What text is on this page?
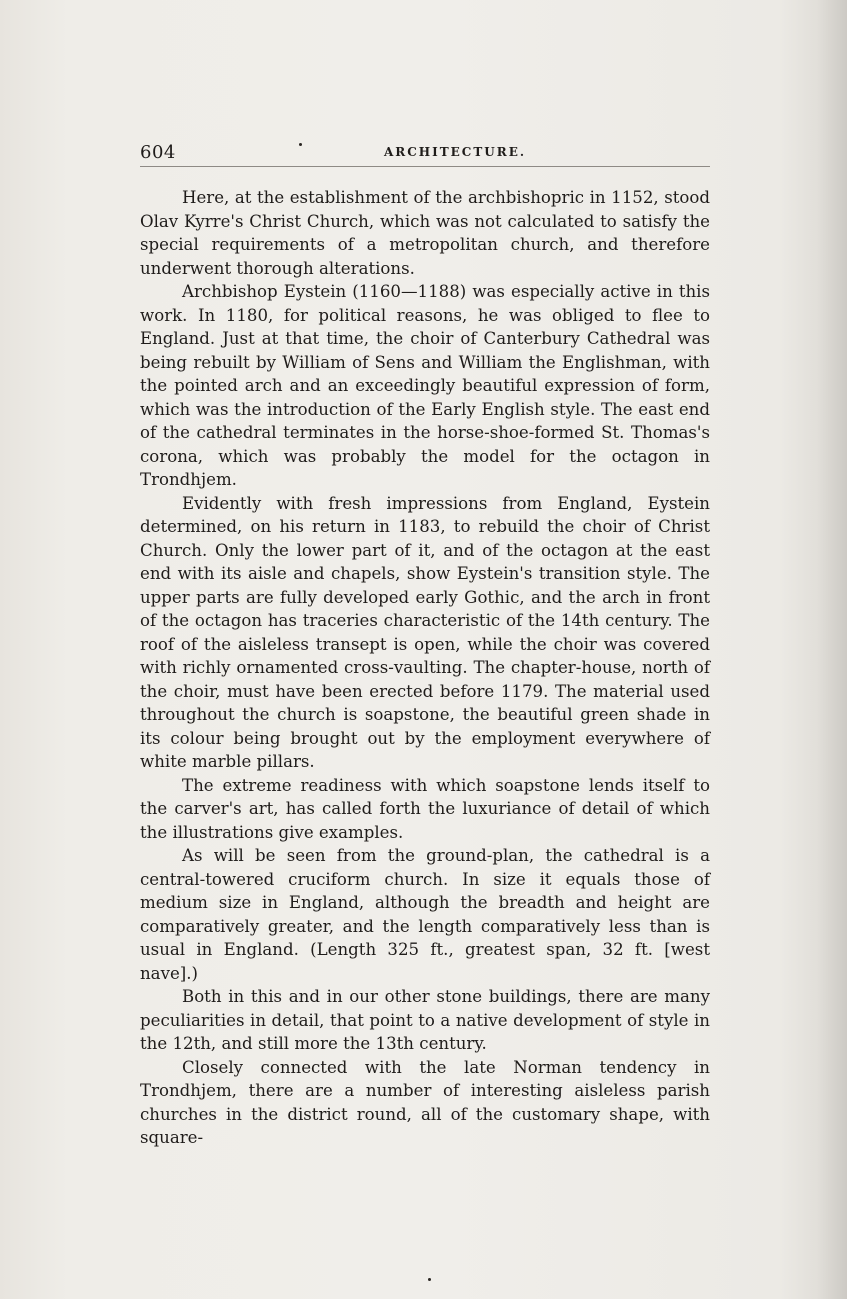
604	ARCHITECTURE.

Here, at the establishment of the archbishopric in 1152, stood Olav Kyrre's Christ Church, which was not calculated to satisfy the special requirements of a metropolitan church, and therefore underwent thorough alterations.

Archbishop Eystein (1160—1188) was especially active in this work. In 1180, for political reasons, he was obliged to flee to England. Just at that time, the choir of Canterbury Cathedral was being rebuilt by William of Sens and William the Englishman, with the pointed arch and an exceedingly beautiful expression of form, which was the introduction of the Early English style. The east end of the cathedral terminates in the horse-shoe-formed St. Thomas's corona, which was probably the model for the octagon in Trondhjem.

Evidently with fresh impressions from England, Eystein determined, on his return in 1183, to rebuild the choir of Christ Church. Only the lower part of it, and of the octagon at the east end with its aisle and chapels, show Eystein's transition style. The upper parts are fully developed early Gothic, and the arch in front of the octagon has traceries characteristic of the 14th century. The roof of the aisleless transept is open, while the choir was covered with richly ornamented cross-vaulting. The chapter-house, north of the choir, must have been erected before 1179. The material used throughout the church is soapstone, the beautiful green shade in its colour being brought out by the employment everywhere of white marble pillars.

The extreme readiness with which soapstone lends itself to the carver's art, has called forth the luxuriance of detail of which the illustrations give examples.

As will be seen from the ground-plan, the cathedral is a central-towered cruciform church. In size it equals those of medium size in England, although the breadth and height are comparatively greater, and the length comparatively less than is usual in England. (Length 325 ft., greatest span, 32 ft. [west nave].)

Both in this and in our other stone buildings, there are many peculiarities in detail, that point to a native development of style in the 12th, and still more the 13th century.

Closely connected with the late Norman tendency in Trondhjem, there are a number of interesting aisleless parish churches in the district round, all of the customary shape, with square-
